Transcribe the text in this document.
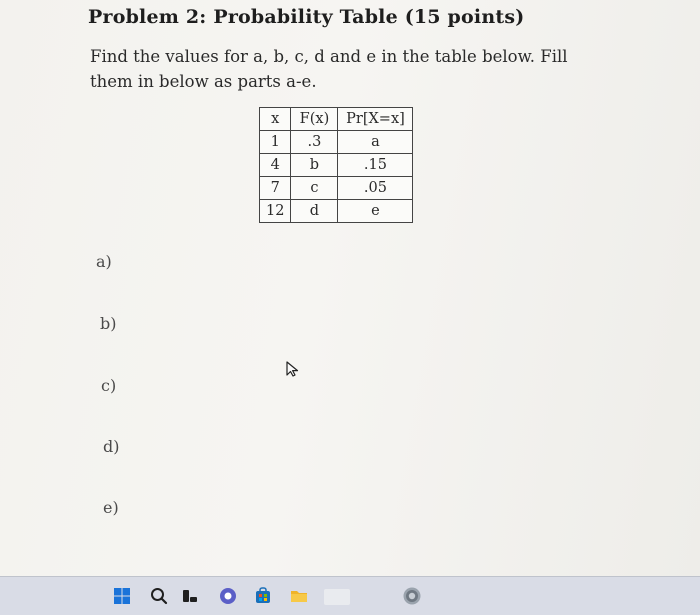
Problem 2: Probability Table (15 points)

Find the values for a, b, c, d and e in the table below. Fill them in below as parts a-e.

x	F(x)	Pr[X=x]
1	.3	a
4	b	.15
7	c	.05
12	d	e
a)
b)
c)
d)
e)
